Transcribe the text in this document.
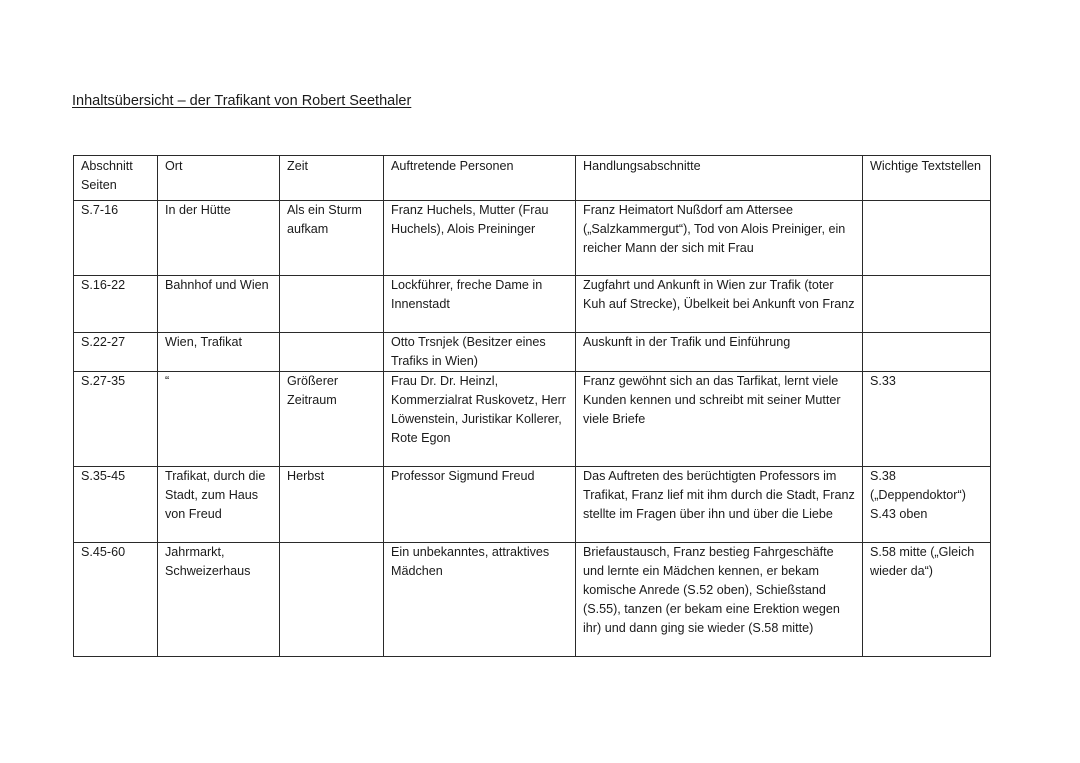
Inhaltsübersicht – der Trafikant von Robert Seethaler
Abschnitt Seiten	Ort	Zeit	Auftretende Personen	Handlungsabschnitte	Wichtige Textstellen

S.7-16	In der Hütte	Als ein Sturm aufkam	Franz Huchels, Mutter (Frau Huchels), Alois Preininger	Franz Heimatort Nußdorf am Attersee („Salzkammergut“), Tod von Alois Preiniger, ein reicher Mann der sich mit Frau	
S.16-22	Bahnhof und Wien		Lockführer, freche Dame in Innenstadt	Zugfahrt und Ankunft in Wien zur Trafik (toter Kuh auf Strecke), Übelkeit bei Ankunft von Franz	
S.22-27	Wien, Trafikat		Otto Trsnjek (Besitzer eines Trafiks in Wien)	Auskunft in der Trafik und Einführung	
S.27-35	“	Größerer Zeitraum	Frau Dr. Dr. Heinzl, Kommerzialrat Ruskovetz, Herr Löwenstein, Juristikar Kollerer, Rote Egon	Franz gewöhnt sich an das Tarfikat, lernt viele Kunden kennen und schreibt mit seiner Mutter viele Briefe	S.33
S.35-45	Trafikat, durch die Stadt, zum Haus von Freud	Herbst	Professor Sigmund Freud	Das Auftreten des berüchtigten Professors im Trafikat, Franz lief mit ihm durch die Stadt, Franz stellte im Fragen über ihn und über die Liebe	S.38 („Deppendoktor“) S.43 oben
S.45-60	Jahrmarkt, Schweizerhaus		Ein unbekanntes, attraktives Mädchen	Briefaustausch, Franz bestieg Fahrgeschäfte und lernte ein Mädchen kennen, er bekam komische Anrede (S.52 oben), Schießstand (S.55), tanzen (er bekam eine Erektion wegen ihr) und dann ging sie wieder (S.58 mitte)	S.58 mitte („Gleich wieder da“)
